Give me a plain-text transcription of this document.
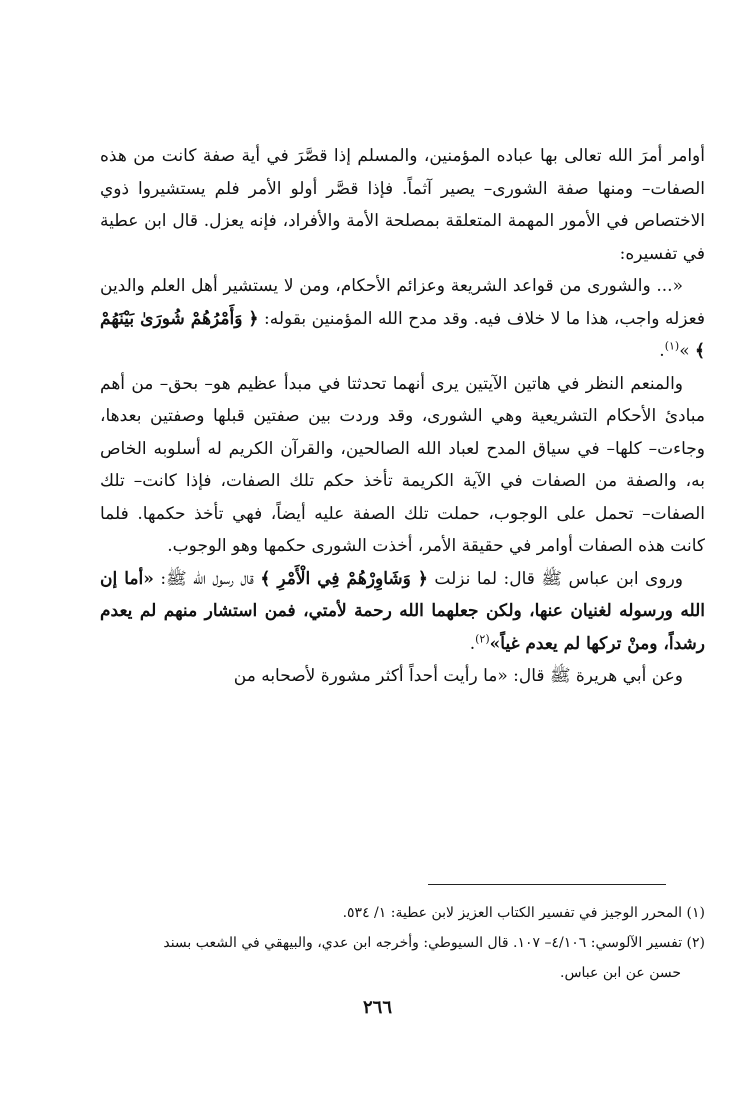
أوامر أمرَ الله تعالى بها عباده المؤمنين، والمسلم إذا قصَّرَ في أية صفة كانت من هذه الصفات– ومنها صفة الشورى– يصير آثماً. فإذا قصَّر أولو الأمر فلم يستشيروا ذوي الاختصاص في الأمور المهمة المتعلقة بمصلحة الأمة والأفراد، فإنه يعزل. قال ابن عطية في تفسيره:

«... والشورى من قواعد الشريعة وعزائم الأحكام، ومن لا يستشير أهل العلم والدين فعزله واجب، هذا ما لا خلاف فيه. وقد مدح الله المؤمنين بقوله: ﴿ وَأَمْرُهُمْ شُورَىٰ بَيْنَهُمْ ﴾ »$^{(١)}$.

والمنعم النظر في هاتين الآيتين يرى أنهما تحدثتا في مبدأ عظيم هو– بحق– من أهم مبادئ الأحكام التشريعية وهي الشورى، وقد وردت بين صفتين قبلها وصفتين بعدها، وجاءت– كلها– في سياق المدح لعباد الله الصالحين، والقرآن الكريم له أسلوبه الخاص به، والصفة من الصفات في الآية الكريمة تأخذ حكم تلك الصفات، فإذا كانت– تلك الصفات– تحمل على الوجوب، حملت تلك الصفة عليه أيضاً، فهي تأخذ حكمها. فلما كانت هذه الصفات أوامر في حقيقة الأمر، أخذت الشورى حكمها وهو الوجوب.

وروى ابن عباس ﷺ قال: لما نزلت ﴿ وَشَاوِرْهُمْ فِي الْأَمْرِ ﴾ قال رسول الله ﷺ: «أما إن الله ورسوله لغنيان عنها، ولكن جعلهما الله رحمة لأمتي، فمن استشار منهم لم يعدم رشداً، ومنْ تركها لم يعدم غياً»$^{(٢)}$.

وعن أبي هريرة ﷺ قال: «ما رأيت أحداً أكثر مشورة لأصحابه من

(١) المحرر الوجيز في تفسير الكتاب العزيز لابن عطية: ١/ ٥٣٤.

(٢) تفسير الآلوسي: ٤/١٠٦– ١٠٧. قال السيوطي: وأخرجه ابن عدي، والبيهقي في الشعب بسند

حسن عن ابن عباس.

٢٦٦
